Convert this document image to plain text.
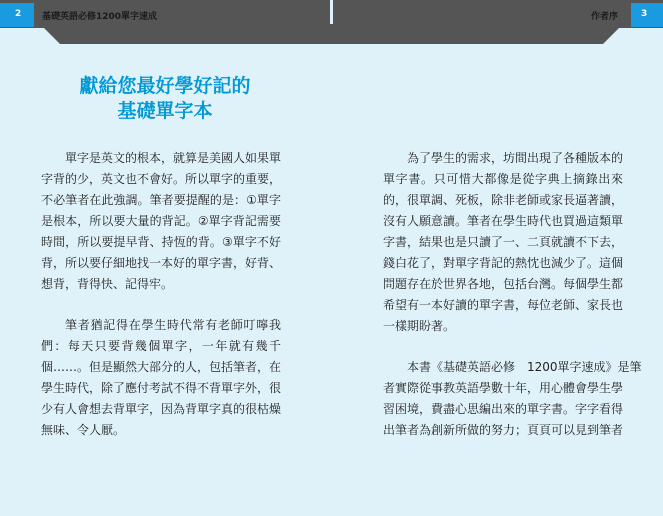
2 基礎英語必修1200單字速成	作者序	3
獻給您最好學好記的
基礎單字本

單字是英文的根本，就算是美國人如果單
字背的少，英文也不會好。所以單字的重要，
不必筆者在此強調。筆者要提醒的是：①單字
是根本，所以要大量的背記。②單字背記需要
時間，所以要提早背、持恆的背。③單字不好
背，所以要仔細地找一本好的單字書，好背、
想背，背得快、記得牢。

筆者猶記得在學生時代常有老師叮嚀我
們：每天只要背幾個單字，一年就有幾千
個……。但是顯然大部分的人，包括筆者，在
學生時代，除了應付考試不得不背單字外，很
少有人會想去背單字，因為背單字真的很枯燥
無味、令人厭。

為了學生的需求，坊間出現了各種版本的
單字書。只可惜大都像是從字典上摘錄出來
的，很單調、死板，除非老師或家長逼著讀，
沒有人願意讀。筆者在學生時代也買過這類單
字書，結果也是只讀了一、二頁就讀不下去，
錢白花了，對單字背記的熱忱也減少了。這個
問題存在於世界各地，包括台灣。每個學生都
希望有一本好讀的單字書，每位老師、家長也
一樣期盼著。

本書《基礎英語必修　1200單字速成》是筆
者實際從事教英語學數十年，用心體會學生學
習困境，費盡心思編出來的單字書。字字看得
出筆者為創新所做的努力；頁頁可以見到筆者
